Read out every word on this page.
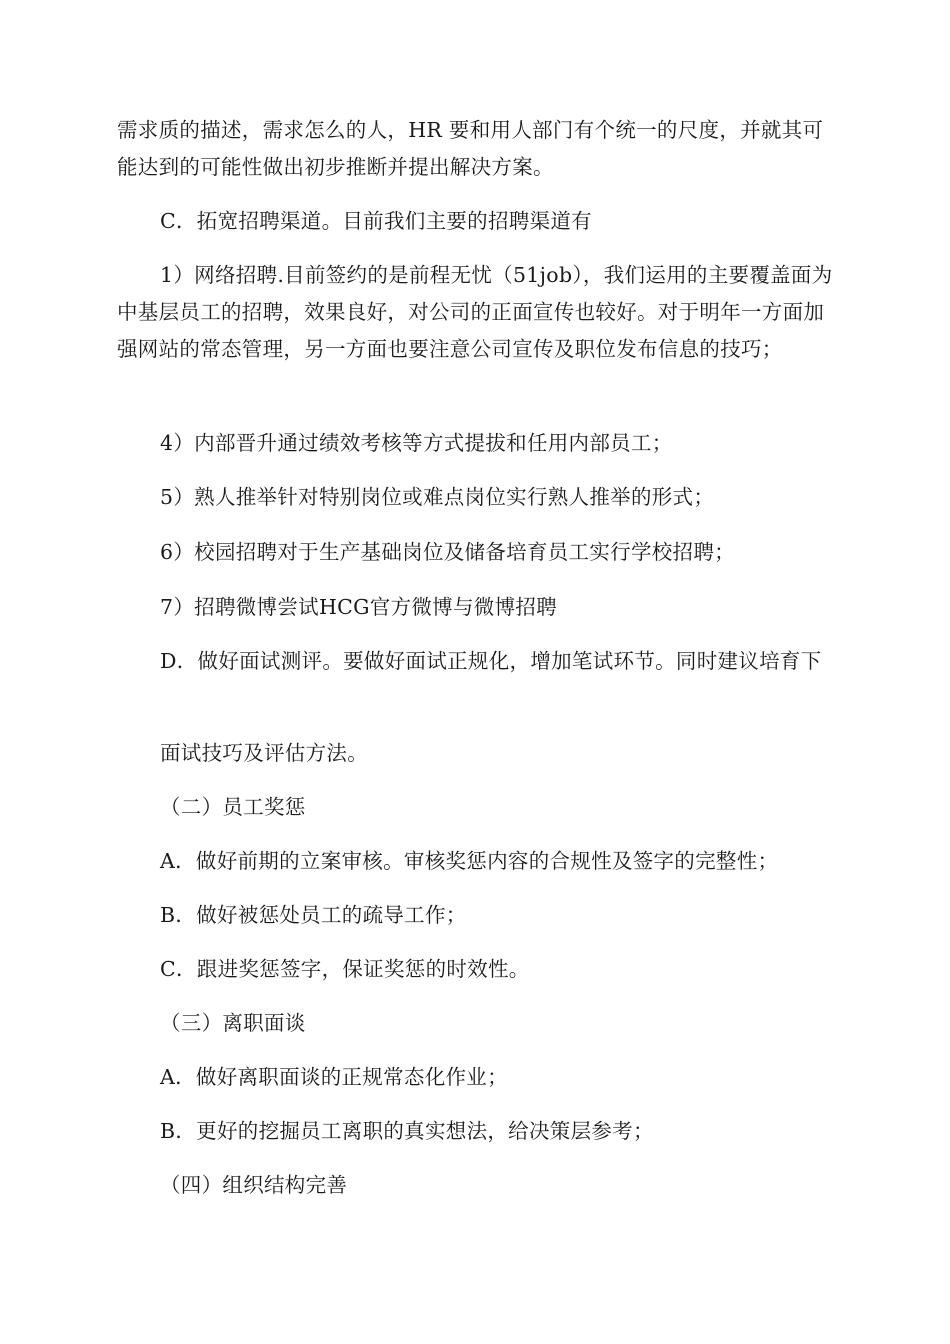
需求质的描述，需求怎么的人，HR 要和用人部门有个统一的尺度，并就其可能达到的可能性做出初步推断并提出解决方案。

C．拓宽招聘渠道。目前我们主要的招聘渠道有

1）网络招聘.目前签约的是前程无忧（51job），我们运用的主要覆盖面为中基层员工的招聘，效果良好，对公司的正面宣传也较好。对于明年一方面加强网站的常态管理，另一方面也要注意公司宣传及职位发布信息的技巧；

4）内部晋升通过绩效考核等方式提拔和任用内部员工；

5）熟人推举针对特别岗位或难点岗位实行熟人推举的形式；

6）校园招聘对于生产基础岗位及储备培育员工实行学校招聘；

7）招聘微博尝试HCG官方微博与微博招聘

D．做好面试测评。要做好面试正规化，增加笔试环节。同时建议培育下

面试技巧及评估方法。

（二）员工奖惩

A．做好前期的立案审核。审核奖惩内容的合规性及签字的完整性；

B．做好被惩处员工的疏导工作；

C．跟进奖惩签字，保证奖惩的时效性。

（三）离职面谈

A．做好离职面谈的正规常态化作业；

B．更好的挖掘员工离职的真实想法，给决策层参考；

（四）组织结构完善
